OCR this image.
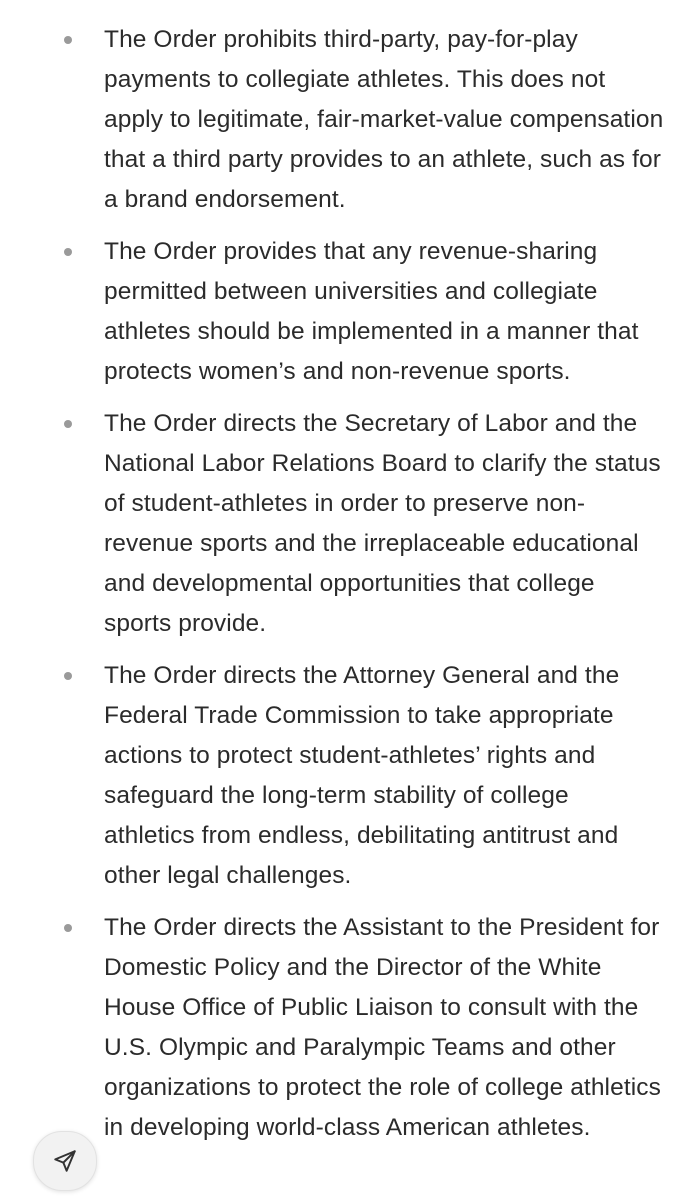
The Order prohibits third-party, pay-for-play payments to collegiate athletes. This does not apply to legitimate, fair-market-value compensation that a third party provides to an athlete, such as for a brand endorsement.
The Order provides that any revenue-sharing permitted between universities and collegiate athletes should be implemented in a manner that protects women’s and non-revenue sports.
The Order directs the Secretary of Labor and the National Labor Relations Board to clarify the status of student-athletes in order to preserve non-revenue sports and the irreplaceable educational and developmental opportunities that college sports provide.
The Order directs the Attorney General and the Federal Trade Commission to take appropriate actions to protect student-athletes’ rights and safeguard the long-term stability of college athletics from endless, debilitating antitrust and other legal challenges.
The Order directs the Assistant to the President for Domestic Policy and the Director of the White House Office of Public Liaison to consult with the U.S. Olympic and Paralympic Teams and other organizations to protect the role of college athletics in developing world-class American athletes.
